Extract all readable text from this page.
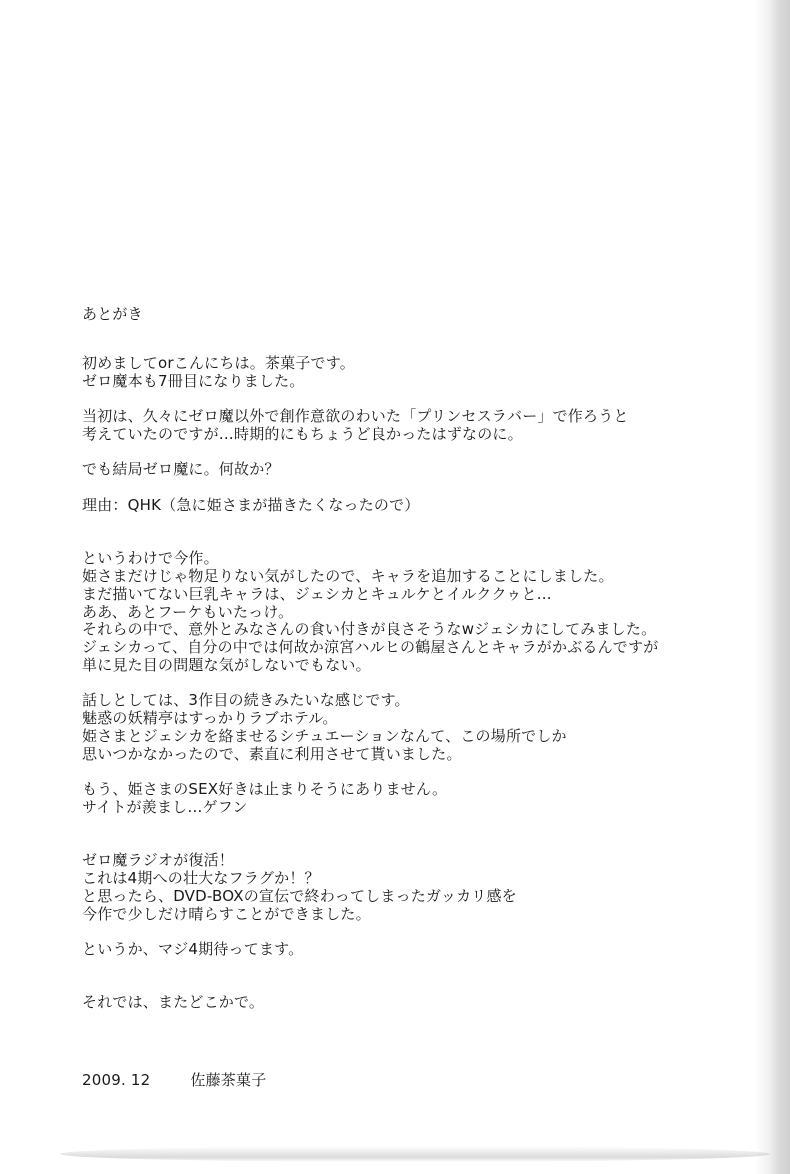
あとがき
初めましてorこんにちは。茶菓子です。
ゼロ魔本も7冊目になりました。
当初は、久々にゼロ魔以外で創作意欲のわいた「プリンセスラバー」で作ろうと
考えていたのですが…時期的にもちょうど良かったはずなのに。
でも結局ゼロ魔に。何故か？
理由：QHK（急に姫さまが描きたくなったので）
というわけで今作。
姫さまだけじゃ物足りない気がしたので、キャラを追加することにしました。
まだ描いてない巨乳キャラは、ジェシカとキュルケとイルククゥと…
ああ、あとフーケもいたっけ。
それらの中で、意外とみなさんの食い付きが良さそうなwジェシカにしてみました。
ジェシカって、自分の中では何故か涼宮ハルヒの鶴屋さんとキャラがかぶるんですが
単に見た目の問題な気がしないでもない。
話しとしては、3作目の続きみたいな感じです。
魅惑の妖精亭はすっかりラブホテル。
姫さまとジェシカを絡ませるシチュエーションなんて、この場所でしか
思いつかなかったので、素直に利用させて貰いました。
もう、姫さまのSEX好きは止まりそうにありません。
サイトが羨まし…ゲフン
ゼロ魔ラジオが復活！
これは4期への壮大なフラグか！？
と思ったら、DVD-BOXの宣伝で終わってしまったガッカリ感を
今作で少しだけ晴らすことができました。
というか、マジ4期待ってます。
それでは、またどこかで。
2009. 12	佐藤茶菓子
